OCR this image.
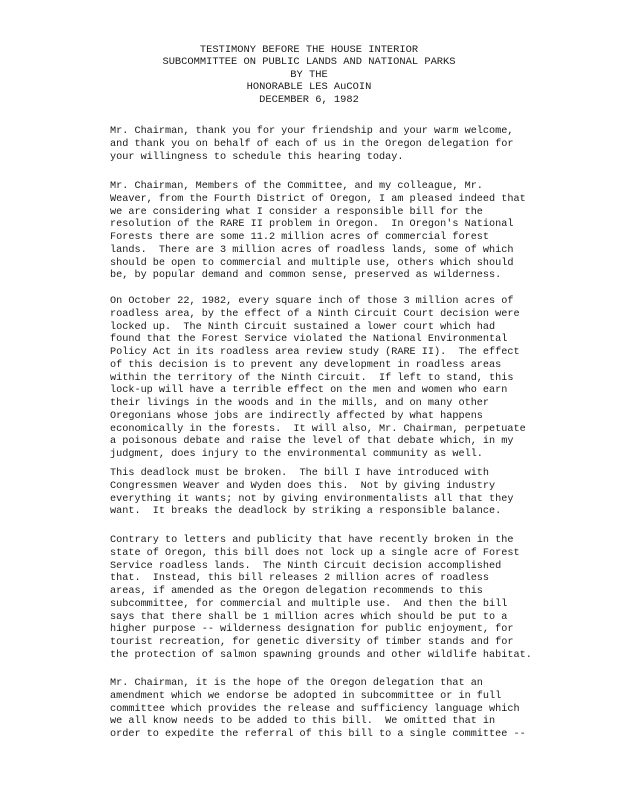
TESTIMONY BEFORE THE HOUSE INTERIOR
SUBCOMMITTEE ON PUBLIC LANDS AND NATIONAL PARKS
BY THE
HONORABLE LES AuCOIN
DECEMBER 6, 1982
Mr. Chairman, thank you for your friendship and your warm welcome,
and thank you on behalf of each of us in the Oregon delegation for
your willingness to schedule this hearing today.
Mr. Chairman, Members of the Committee, and my colleague, Mr.
Weaver, from the Fourth District of Oregon, I am pleased indeed that
we are considering what I consider a responsible bill for the
resolution of the RARE II problem in Oregon.  In Oregon's National
Forests there are some 11.2 million acres of commercial forest
lands.  There are 3 million acres of roadless lands, some of which
should be open to commercial and multiple use, others which should
be, by popular demand and common sense, preserved as wilderness.
On October 22, 1982, every square inch of those 3 million acres of
roadless area, by the effect of a Ninth Circuit Court decision were
locked up.  The Ninth Circuit sustained a lower court which had
found that the Forest Service violated the National Environmental
Policy Act in its roadless area review study (RARE II).  The effect
of this decision is to prevent any development in roadless areas
within the territory of the Ninth Circuit.  If left to stand, this
lock-up will have a terrible effect on the men and women who earn
their livings in the woods and in the mills, and on many other
Oregonians whose jobs are indirectly affected by what happens
economically in the forests.  It will also, Mr. Chairman, perpetuate
a poisonous debate and raise the level of that debate which, in my
judgment, does injury to the environmental community as well.
This deadlock must be broken.  The bill I have introduced with
Congressmen Weaver and Wyden does this.  Not by giving industry
everything it wants; not by giving environmentalists all that they
want.  It breaks the deadlock by striking a responsible balance.
Contrary to letters and publicity that have recently broken in the
state of Oregon, this bill does not lock up a single acre of Forest
Service roadless lands.  The Ninth Circuit decision accomplished
that.  Instead, this bill releases 2 million acres of roadless
areas, if amended as the Oregon delegation recommends to this
subcommittee, for commercial and multiple use.  And then the bill
says that there shall be 1 million acres which should be put to a
higher purpose -- wilderness designation for public enjoyment, for
tourist recreation, for genetic diversity of timber stands and for
the protection of salmon spawning grounds and other wildlife habitat.
Mr. Chairman, it is the hope of the Oregon delegation that an
amendment which we endorse be adopted in subcommittee or in full
committee which provides the release and sufficiency language which
we all know needs to be added to this bill.  We omitted that in
order to expedite the referral of this bill to a single committee --
